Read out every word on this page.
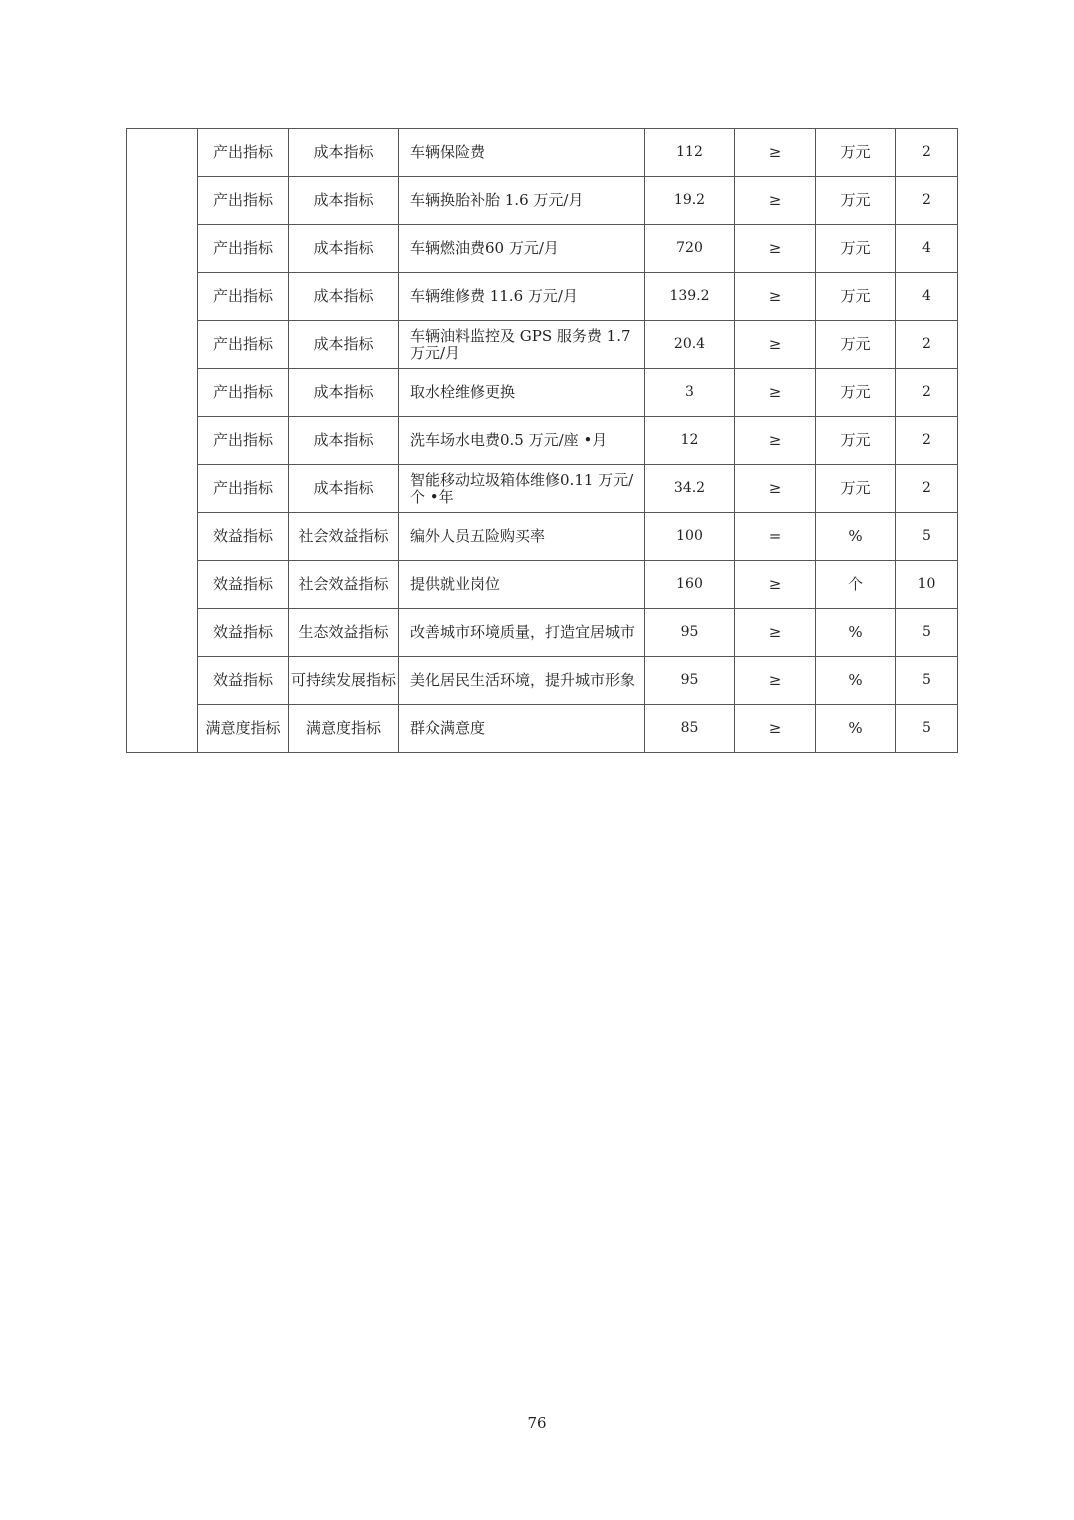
	产出指标	成本指标	车辆保险费	112	≥	万元	2
	产出指标	成本指标	车辆换胎补胎 1.6 万元/月	19.2	≥	万元	2
	产出指标	成本指标	车辆燃油费60 万元/月	720	≥	万元	4
	产出指标	成本指标	车辆维修费 11.6 万元/月	139.2	≥	万元	4
	产出指标	成本指标	车辆油料监控及 GPS 服务费 1.7 万元/月	20.4	≥	万元	2
	产出指标	成本指标	取水栓维修更换	3	≥	万元	2
	产出指标	成本指标	洗车场水电费0.5 万元/座 •月	12	≥	万元	2
	产出指标	成本指标	智能移动垃圾箱体维修0.11 万元/个 •年	34.2	≥	万元	2
	效益指标	社会效益指标	编外人员五险购买率	100	=	%	5
	效益指标	社会效益指标	提供就业岗位	160	≥	个	10
	效益指标	生态效益指标	改善城市环境质量，打造宜居城市	95	≥	%	5
	效益指标	可持续发展指标	美化居民生活环境，提升城市形象	95	≥	%	5
	满意度指标	满意度指标	群众满意度	85	≥	%	5
76
